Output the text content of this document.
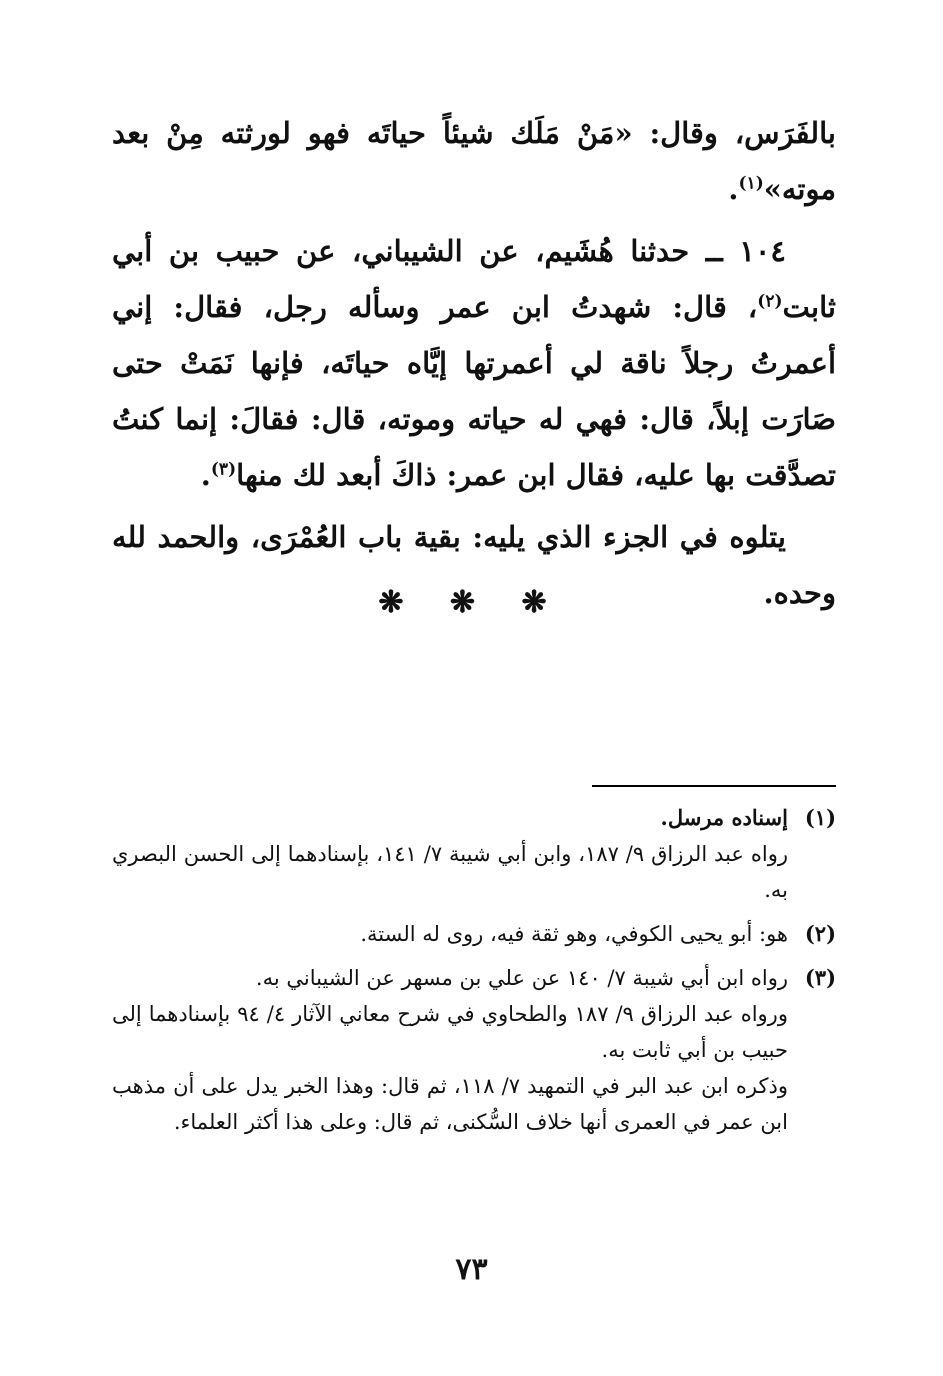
بالفَرَس، وقال: «مَنْ مَلَك شيئاً حياتَه فهو لورثته مِنْ بعد موته»$^{(١)}$.

١٠٤ ــ حدثنا هُشَيم، عن الشيباني، عن حبيب بن أبي ثابت$^{(٢)}$، قال: شهدتُ ابن عمر وسأله رجل، فقال: إني أعمرتُ رجلاً ناقة لي أعمرتها إيَّاه حياتَه، فإنها نَمَتْ حتى صَارَت إبلاً، قال: فهي له حياته وموته، قال: فقالَ: إنما كنتُ تصدَّقت بها عليه، فقال ابن عمر: ذاكَ أبعد لك منها$^{(٣)}$.

يتلوه في الجزء الذي يليه: بقية باب العُمْرَى، والحمد لله وحده.

❋ ❋ ❋
(١)
إسناده مرسل.

رواه عبد الرزاق ٩/ ١٨٧، وابن أبي شيبة ٧/ ١٤١، بإسنادهما إلى الحسن البصري به.

(٢)
هو: أبو يحيى الكوفي، وهو ثقة فيه، روى له الستة.
(٣)
رواه ابن أبي شيبة ٧/ ١٤٠ عن علي بن مسهر عن الشيباني به.

ورواه عبد الرزاق ٩/ ١٨٧ والطحاوي في شرح معاني الآثار ٤/ ٩٤ بإسنادهما إلى حبيب بن أبي ثابت به.

وذكره ابن عبد البر في التمهيد ٧/ ١١٨، ثم قال: وهذا الخبر يدل على أن مذهب ابن عمر في العمرى أنها خلاف السُّكنى، ثم قال: وعلى هذا أكثر العلماء.

٧٣
